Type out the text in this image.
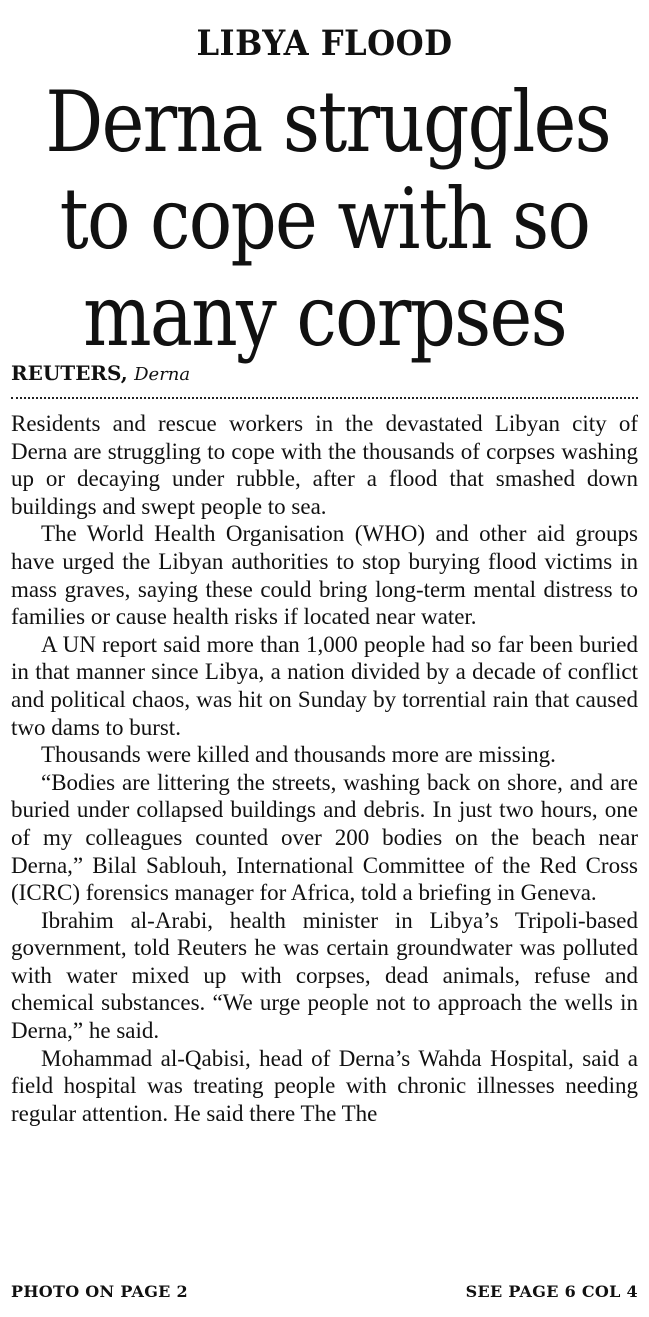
LIBYA FLOOD
Derna struggles
to cope with so
many corpses
REUTERS, Derna

Residents and rescue workers in the devastated Libyan city of Derna are struggling to cope with the thousands of corpses washing up or decaying under rubble, after a flood that smashed down buildings and swept people to sea.

The World Health Organisation (WHO) and other aid groups have urged the Libyan authorities to stop burying flood victims in mass graves, saying these could bring long-term mental distress to families or cause health risks if located near water.

A UN report said more than 1,000 people had so far been buried in that manner since Libya, a nation divided by a decade of conflict and political chaos, was hit on Sunday by torrential rain that caused two dams to burst.

Thousands were killed and thousands more are missing.

“Bodies are littering the streets, washing back on shore, and are buried under collapsed buildings and debris. In just two hours, one of my colleagues counted over 200 bodies on the beach near Derna,” Bilal Sablouh, International Committee of the Red Cross (ICRC) forensics manager for Africa, told a briefing in Geneva.

Ibrahim al-Arabi, health minister in Libya’s Tripoli-based government, told Reuters he was certain groundwater was polluted with water mixed up with corpses, dead animals, refuse and chemical substances. “We urge people not to approach the wells in Derna,” he said.

Mohammad al-Qabisi, head of Derna’s Wahda Hospital, said a field hospital was treating people with chronic illnesses needing regular attention. He said there The The

PHOTO ON PAGE 2	SEE PAGE 6 COL 4
